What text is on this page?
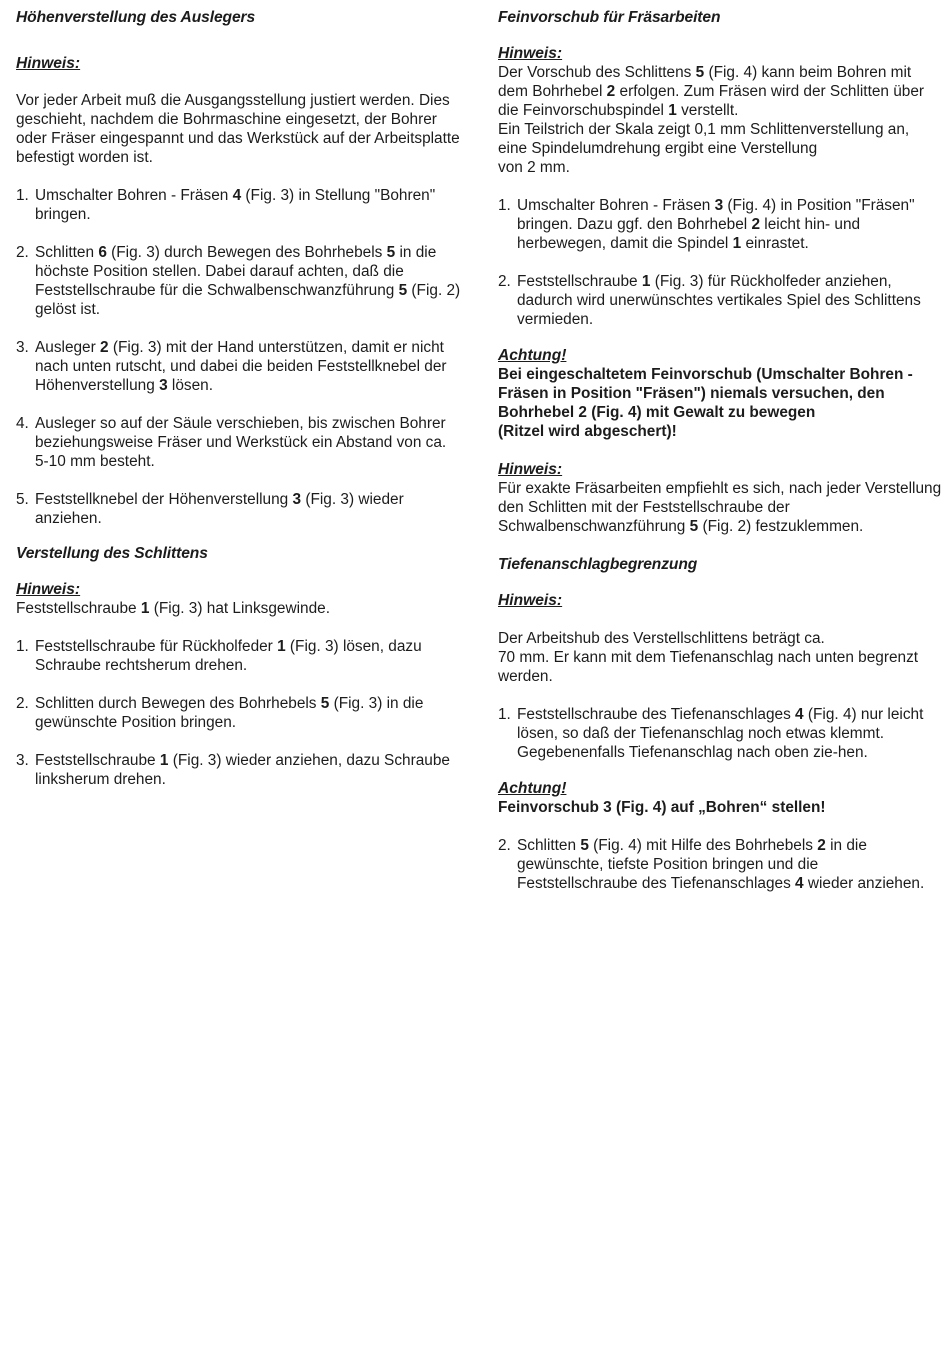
Höhenverstellung des Auslegers

Hinweis:

Vor jeder Arbeit muß die Ausgangsstellung justiert werden. Dies geschieht, nachdem die Bohrmaschine eingesetzt, der Bohrer oder Fräser eingespannt und das Werkstück auf der Arbeitsplatte befestigt worden ist.

1. Umschalter Bohren - Fräsen 4 (Fig. 3) in Stellung "Bohren" bringen.
2. Schlitten 6 (Fig. 3) durch Bewegen des Bohrhebels 5 in die höchste Position stellen. Dabei darauf achten, daß die Feststellschraube für die Schwalbenschwanzführung 5 (Fig. 2) gelöst ist.
3. Ausleger 2 (Fig. 3) mit der Hand unterstützen, damit er nicht nach unten rutscht, und dabei die beiden Feststellknebel der Höhenverstellung 3 lösen.
4. Ausleger so auf der Säule verschieben, bis zwischen Bohrer beziehungsweise Fräser und Werkstück ein Abstand von ca. 5-10 mm besteht.
5. Feststellknebel der Höhenverstellung 3 (Fig. 3) wieder anziehen.
Verstellung des Schlittens

Hinweis:

Feststellschraube 1 (Fig. 3) hat Linksgewinde.

1. Feststellschraube für Rückholfeder 1 (Fig. 3) lösen, dazu Schraube rechtsherum drehen.
2. Schlitten durch Bewegen des Bohrhebels 5 (Fig. 3) in die gewünschte Position bringen.
3. Feststellschraube 1 (Fig. 3) wieder anziehen, dazu Schraube linksherum drehen.
Feinvorschub für Fräsarbeiten

Hinweis:

Der Vorschub des Schlittens 5 (Fig. 4) kann beim Bohren mit dem Bohrhebel 2 erfolgen. Zum Fräsen wird der Schlitten über die Feinvorschubspindel 1 verstellt.
Ein Teilstrich der Skala zeigt 0,1 mm Schlittenverstellung an, eine Spindelumdrehung ergibt eine Verstellung
von 2 mm.

1. Umschalter Bohren - Fräsen 3 (Fig. 4) in Position "Fräsen" bringen. Dazu ggf. den Bohrhebel 2 leicht hin- und herbewegen, damit die Spindel 1 einrastet.
2. Feststellschraube 1 (Fig. 3) für Rückholfeder anziehen, dadurch wird unerwünschtes vertikales Spiel des Schlittens vermieden.

Achtung!

Bei eingeschaltetem Feinvorschub (Umschalter Bohren - Fräsen in Position "Fräsen") niemals versuchen, den Bohrhebel 2 (Fig. 4) mit Gewalt zu bewegen
(Ritzel wird abgeschert)!

Hinweis:

Für exakte Fräsarbeiten empfiehlt es sich, nach jeder Verstellung den Schlitten mit der Feststellschraube der Schwalbenschwanzführung 5 (Fig. 2) festzuklemmen.

Tiefenanschlagbegrenzung

Hinweis:

Der Arbeitshub des Verstellschlittens beträgt ca.
70 mm. Er kann mit dem Tiefenanschlag nach unten begrenzt werden.

1. Feststellschraube des Tiefenanschlages 4 (Fig. 4) nur leicht lösen, so daß der Tiefenanschlag noch etwas klemmt. Gegebenenfalls Tiefenanschlag nach oben zie-hen.

Achtung!

Feinvorschub 3 (Fig. 4) auf „Bohren“ stellen!

2. Schlitten 5 (Fig. 4) mit Hilfe des Bohrhebels 2 in die gewünschte, tiefste Position bringen und die Feststellschraube des Tiefenanschlages 4 wieder anziehen.
